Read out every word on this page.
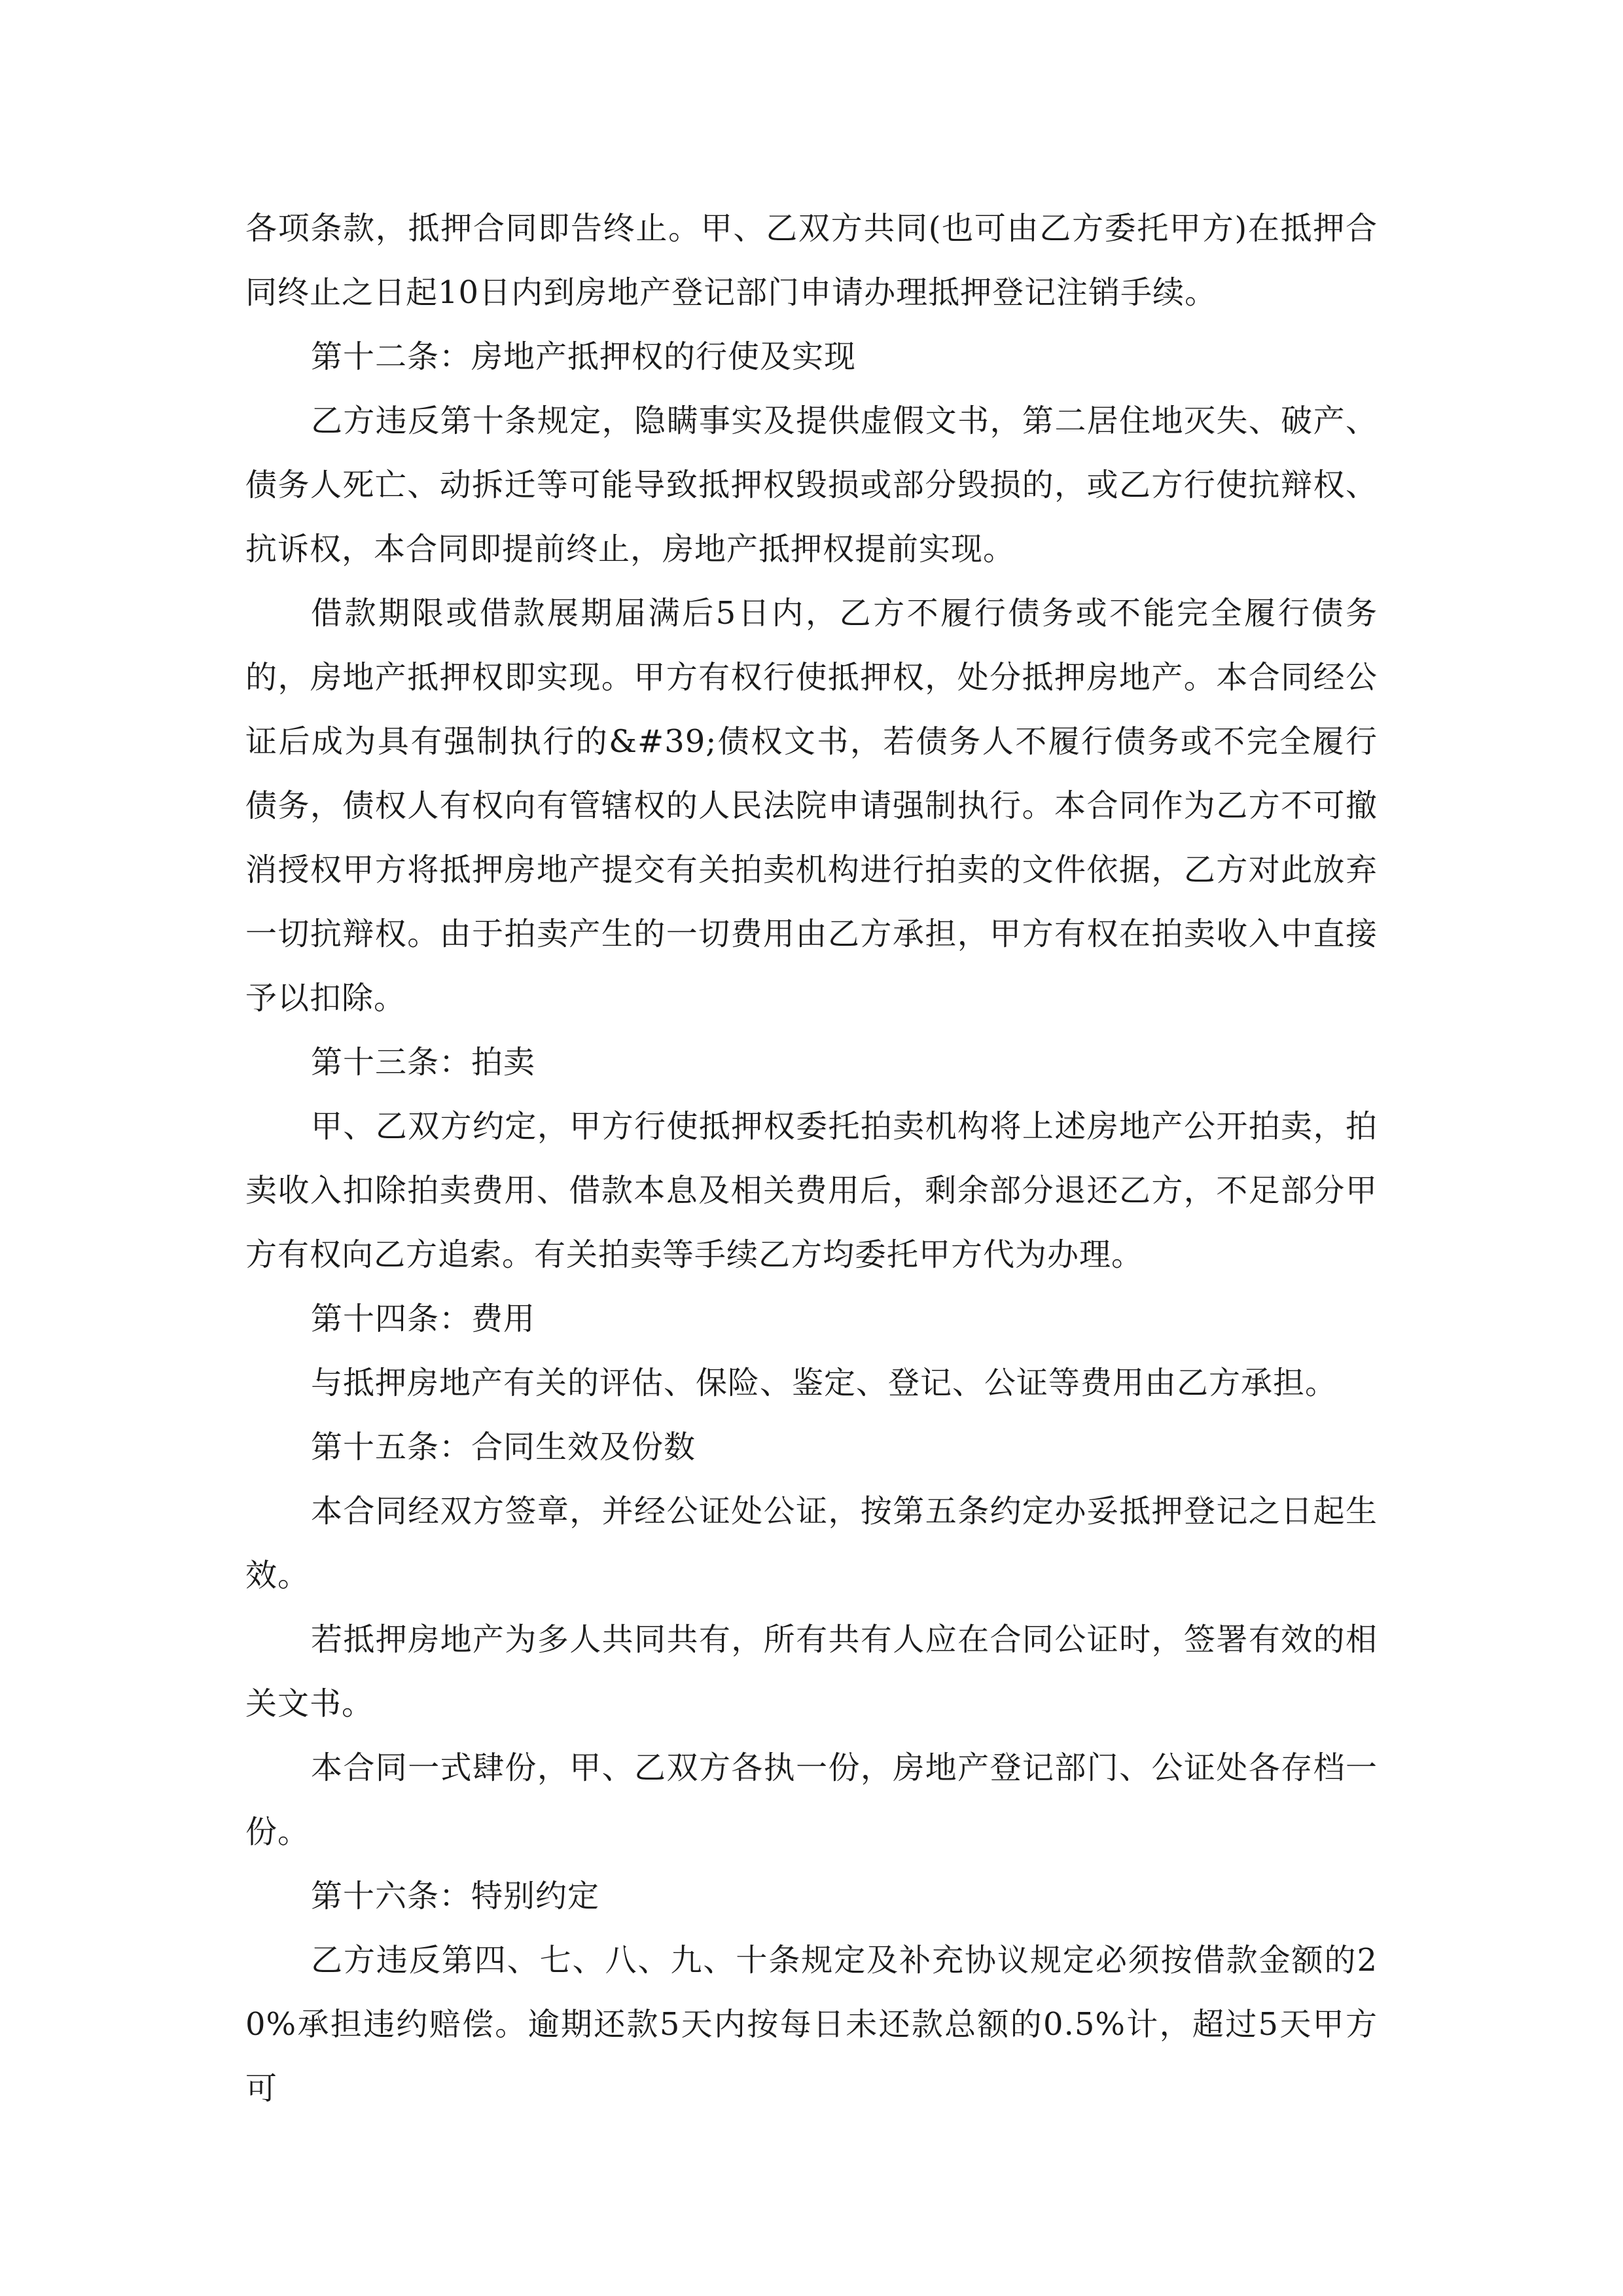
各项条款，抵押合同即告终止。甲、乙双方共同(也可由乙方委托甲方)在抵押合同终止之日起10日内到房地产登记部门申请办理抵押登记注销手续。

第十二条：房地产抵押权的行使及实现

乙方违反第十条规定，隐瞒事实及提供虚假文书，第二居住地灭失、破产、债务人死亡、动拆迁等可能导致抵押权毁损或部分毁损的，或乙方行使抗辩权、抗诉权，本合同即提前终止，房地产抵押权提前实现。

借款期限或借款展期届满后5日内，乙方不履行债务或不能完全履行债务的，房地产抵押权即实现。甲方有权行使抵押权，处分抵押房地产。本合同经公证后成为具有强制执行的&#39;债权文书，若债务人不履行债务或不完全履行债务，债权人有权向有管辖权的人民法院申请强制执行。本合同作为乙方不可撤消授权甲方将抵押房地产提交有关拍卖机构进行拍卖的文件依据，乙方对此放弃一切抗辩权。由于拍卖产生的一切费用由乙方承担，甲方有权在拍卖收入中直接予以扣除。

第十三条：拍卖

甲、乙双方约定，甲方行使抵押权委托拍卖机构将上述房地产公开拍卖，拍卖收入扣除拍卖费用、借款本息及相关费用后，剩余部分退还乙方，不足部分甲方有权向乙方追索。有关拍卖等手续乙方均委托甲方代为办理。

第十四条：费用

与抵押房地产有关的评估、保险、鉴定、登记、公证等费用由乙方承担。

第十五条：合同生效及份数

本合同经双方签章，并经公证处公证，按第五条约定办妥抵押登记之日起生效。

若抵押房地产为多人共同共有，所有共有人应在合同公证时，签署有效的相关文书。

本合同一式肆份，甲、乙双方各执一份，房地产登记部门、公证处各存档一份。

第十六条：特别约定

乙方违反第四、七、八、九、十条规定及补充协议规定必须按借款金额的20%承担违约赔偿。逾期还款5天内按每日未还款总额的0.5%计，超过5天甲方可
